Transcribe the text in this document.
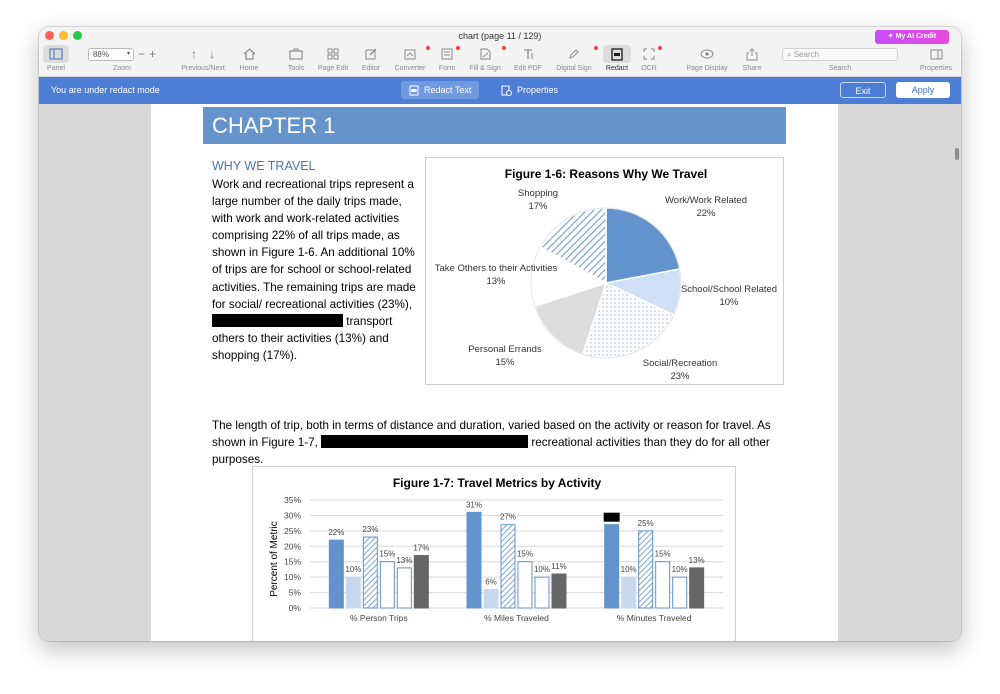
chart (page 11 / 129)	✦ My AI Credit
Panel
88%	▾ − +
Zoom
↑ ↓
Previous/Next	Home	Tools	Page Edit	Editor	Converter	Form	Fill & Sign	Edit PDF	Digital Sign	Redact	OCR	Page Display	Share
⌕ Search
Search	Properties
You are under redact mode	Redact Text	Properties	Exit	Apply
CHAPTER 1
WHY WE TRAVEL
Work and recreational trips represent a large number of the daily trips made, with work and work-related activities comprising 22% of all trips made, as shown in Figure 1-6. An additional 10% of trips are for school or school-related activities. The remaining trips are made for social/ recreational activities (23%),  transport others to their activities (13%) and shopping (17%).
The length of trip, both in terms of distance and duration, varied based on the activity or reason for travel. As shown in Figure 1-7,	recreational activities than they do for all other purposes.
Figure 1-6: Reasons Why We Travel
Work/Work Related
22%
School/School Related
10%
Social/Recreation
23%
Personal Errands
15%
Take Others to their Activities
13%
Shopping
17%
Figure 1-7: Travel Metrics by Activity
Percent of Metric
0%
5%
10%
15%
20%
25%
30%
35%
22%
10%
23%
15%
13%
17%
% Person Trips
31%
6%
27%
15%
10% 11%
% Miles Traveled
10%
25%
15%
10%
13%
% Minutes Traveled
